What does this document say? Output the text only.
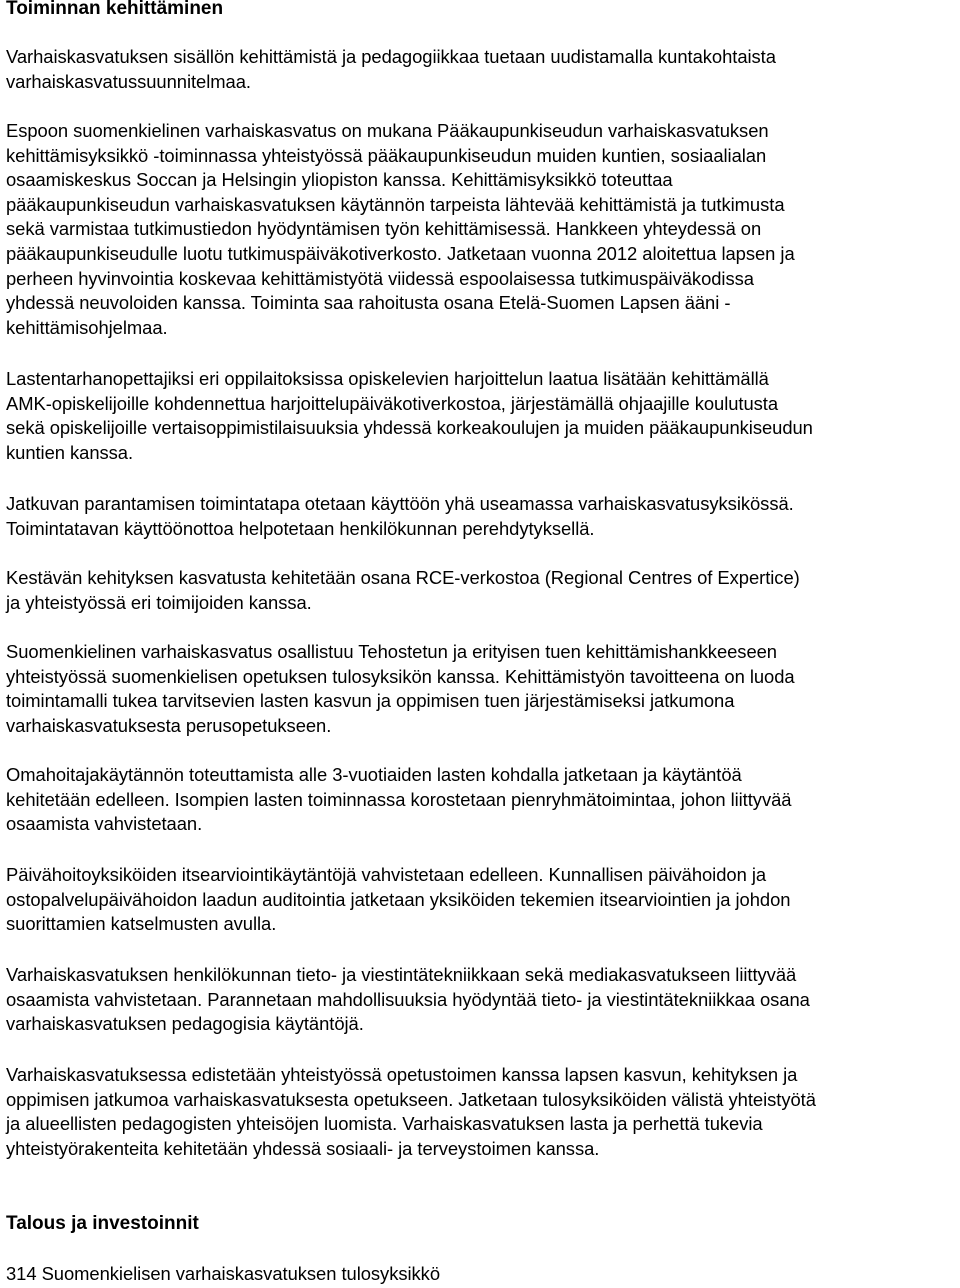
Toiminnan kehittäminen

Varhaiskasvatuksen sisällön kehittämistä ja pedagogiikkaa tuetaan uudistamalla kuntakohtaista
varhaiskasvatussuunnitelmaa.

Espoon suomenkielinen varhaiskasvatus on mukana Pääkaupunkiseudun varhaiskasvatuksen
kehittämisyksikkö -toiminnassa yhteistyössä pääkaupunkiseudun muiden kuntien, sosiaalialan
osaamiskeskus Soccan ja Helsingin yliopiston kanssa. Kehittämisyksikkö toteuttaa
pääkaupunkiseudun varhaiskasvatuksen käytännön tarpeista lähtevää kehittämistä ja tutkimusta
sekä varmistaa tutkimustiedon hyödyntämisen työn kehittämisessä. Hankkeen yhteydessä on
pääkaupunkiseudulle luotu tutkimuspäiväkotiverkosto. Jatketaan vuonna 2012 aloitettua lapsen ja
perheen hyvinvointia koskevaa kehittämistyötä viidessä espoolaisessa tutkimuspäiväkodissa
yhdessä neuvoloiden kanssa. Toiminta saa rahoitusta osana Etelä-Suomen Lapsen ääni -
kehittämisohjelmaa.

Lastentarhanopettajiksi eri oppilaitoksissa opiskelevien harjoittelun laatua lisätään kehittämällä
AMK-opiskelijoille kohdennettua harjoittelupäiväkotiverkostoa, järjestämällä ohjaajille koulutusta
sekä opiskelijoille vertaisoppimistilaisuuksia yhdessä korkeakoulujen ja muiden pääkaupunkiseudun
kuntien kanssa.

Jatkuvan parantamisen toimintatapa otetaan käyttöön yhä useamassa varhaiskasvatusyksikössä.
Toimintatavan käyttöönottoa helpotetaan henkilökunnan perehdytyksellä.

Kestävän kehityksen kasvatusta kehitetään osana RCE-verkostoa (Regional Centres of Expertice)
ja yhteistyössä eri toimijoiden kanssa.

Suomenkielinen varhaiskasvatus osallistuu Tehostetun ja erityisen tuen kehittämishankkeeseen
yhteistyössä suomenkielisen opetuksen tulosyksikön kanssa. Kehittämistyön tavoitteena on luoda
toimintamalli tukea tarvitsevien lasten kasvun ja oppimisen tuen järjestämiseksi jatkumona
varhaiskasvatuksesta perusopetukseen.

Omahoitajakäytännön toteuttamista alle 3-vuotiaiden lasten kohdalla jatketaan ja käytäntöä
kehitetään edelleen. Isompien lasten toiminnassa korostetaan pienryhmätoimintaa, johon liittyvää
osaamista vahvistetaan.

Päivähoitoyksiköiden itsearviointikäytäntöjä vahvistetaan edelleen. Kunnallisen päivähoidon ja
ostopalvelupäivähoidon laadun auditointia jatketaan yksiköiden tekemien itsearviointien ja johdon
suorittamien katselmusten avulla.

Varhaiskasvatuksen henkilökunnan tieto- ja viestintätekniikkaan sekä mediakasvatukseen liittyvää
osaamista vahvistetaan. Parannetaan mahdollisuuksia hyödyntää tieto- ja viestintätekniikkaa osana
varhaiskasvatuksen pedagogisia käytäntöjä.

Varhaiskasvatuksessa edistetään yhteistyössä opetustoimen kanssa lapsen kasvun, kehityksen ja
oppimisen jatkumoa varhaiskasvatuksesta opetukseen. Jatketaan tulosyksiköiden välistä yhteistyötä
ja alueellisten pedagogisten yhteisöjen luomista. Varhaiskasvatuksen lasta ja perhettä tukevia
yhteistyörakenteita kehitetään yhdessä sosiaali- ja terveystoimen kanssa.

Talous ja investoinnit

314 Suomenkielisen varhaiskasvatuksen tulosyksikkö
